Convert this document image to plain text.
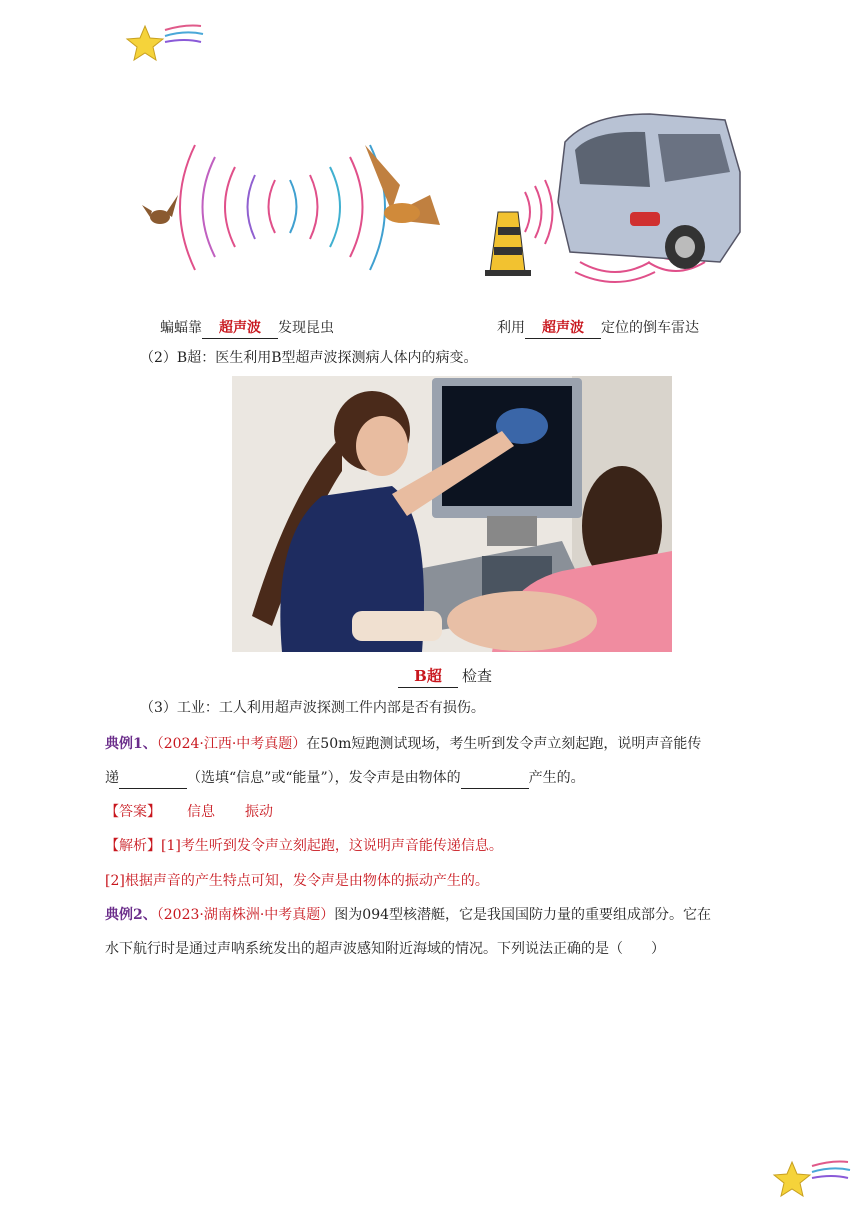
蝙蝠靠 超声波 发现昆虫	利用 超声波 定位的倒车雷达
（2）B超：医生利用B型超声波探测病人体内的病变。
B超 检查
（3）工业：工人利用超声波探测工件内部是否有损伤。
典例1、（2024·江西·中考真题）在50m短跑测试现场，考生听到发令声立刻起跑，说明声音能传
递	（选填“信息”或“能量”），发令声是由物体的	产生的。
【答案】 信息 振动
【解析】[1]考生听到发令声立刻起跑，这说明声音能传递信息。
[2]根据声音的产生特点可知，发令声是由物体的振动产生的。
典例2、（2023·湖南株洲·中考真题）图为094型核潜艇，它是我国国防力量的重要组成部分。它在
水下航行时是通过声呐系统发出的超声波感知附近海域的情况。下列说法正确的是（　　）
